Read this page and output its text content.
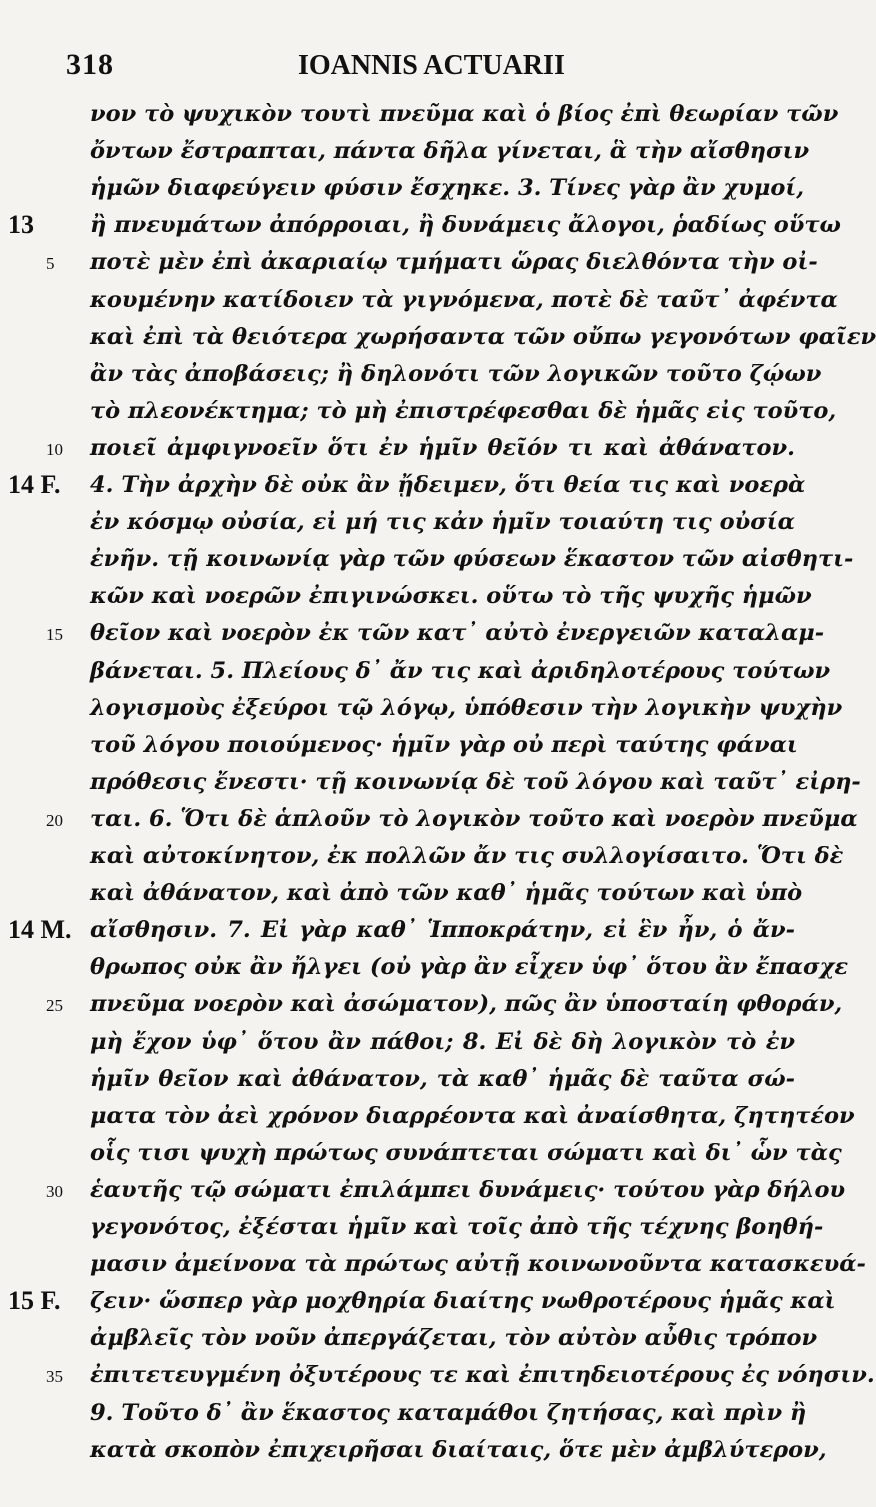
318	IOANNIS ACTUARII
νον τὸ ψυχικὸν τουτὶ πνεῦμα καὶ ὁ βίος ἐπὶ θεωρίαν τῶν
ὄντων ἔστραπται, πάντα δῆλα γίνεται, ἃ τὴν αἴσθησιν
ἡμῶν διαφεύγειν φύσιν ἔσχηκε. 3. Τίνες γὰρ ἂν χυμοί,
13 ἢ πνευμάτων ἀπόρροιαι, ἢ δυνάμεις ἄλογοι, ῥαδίως οὕτω
5 ποτὲ μὲν ἐπὶ ἀκαριαίῳ τμήματι ὥρας διελθόντα τὴν οἰ-
κουμένην κατίδοιεν τὰ γιγνόμενα, ποτὲ δὲ ταῦτ᾽ ἀφέντα
καὶ ἐπὶ τὰ θειότερα χωρήσαντα τῶν οὔπω γεγονότων φαῖεν
ἂν τὰς ἀποβάσεις; ἢ δηλονότι τῶν λογικῶν τοῦτο ζῴων
τὸ πλεονέκτημα; τὸ μὴ ἐπιστρέφεσθαι δὲ ἡμᾶς εἰς τοῦτο,
10 ποιεῖ ἀμφιγνοεῖν ὅτι ἐν ἡμῖν θεῖόν τι καὶ ἀθάνατον.
14 F. 4. Τὴν ἀρχὴν δὲ οὐκ ἂν ᾔδειμεν, ὅτι θεία τις καὶ νοερὰ
ἐν κόσμῳ οὐσία, εἰ μή τις κἀν ἡμῖν τοιαύτη τις οὐσία
ἐνῆν. τῇ κοινωνίᾳ γὰρ τῶν φύσεων ἕκαστον τῶν αἰσθητι-
κῶν καὶ νοερῶν ἐπιγινώσκει. οὕτω τὸ τῆς ψυχῆς ἡμῶν
15 θεῖον καὶ νοερὸν ἐκ τῶν κατ᾽ αὐτὸ ἐνεργειῶν καταλαμ-
βάνεται. 5. Πλείους δ᾽ ἄν τις καὶ ἀριδηλοτέρους τούτων
λογισμοὺς ἐξεύροι τῷ λόγῳ, ὑπόθεσιν τὴν λογικὴν ψυχὴν
τοῦ λόγου ποιούμενος· ἡμῖν γὰρ οὐ περὶ ταύτης φάναι
πρόθεσις ἔνεστι· τῇ κοινωνίᾳ δὲ τοῦ λόγου καὶ ταῦτ᾽ εἰρη-
20 ται. 6. Ὅτι δὲ ἁπλοῦν τὸ λογικὸν τοῦτο καὶ νοερὸν πνεῦμα
καὶ αὐτοκίνητον, ἐκ πολλῶν ἄν τις συλλογίσαιτο. Ὅτι δὲ
καὶ ἀθάνατον, καὶ ἀπὸ τῶν καθ᾽ ἡμᾶς τούτων καὶ ὑπὸ
14 M. αἴσθησιν. 7. Εἰ γὰρ καθ᾽ Ἱπποκράτην, εἰ ἓν ἦν, ὁ ἄν-
θρωπος οὐκ ἂν ἤλγει (οὐ γὰρ ἂν εἶχεν ὑφ᾽ ὅτου ἂν ἔπασχε
25 πνεῦμα νοερὸν καὶ ἀσώματον), πῶς ἂν ὑποσταίη φθοράν,
μὴ ἔχον ὑφ᾽ ὅτου ἂν πάθοι; 8. Εἰ δὲ δὴ λογικὸν τὸ ἐν
ἡμῖν θεῖον καὶ ἀθάνατον, τὰ καθ᾽ ἡμᾶς δὲ ταῦτα σώ-
ματα τὸν ἀεὶ χρόνον διαρρέοντα καὶ ἀναίσθητα, ζητητέον
οἷς τισι ψυχὴ πρώτως συνάπτεται σώματι καὶ δι᾽ ὧν τὰς
30 ἑαυτῆς τῷ σώματι ἐπιλάμπει δυνάμεις· τούτου γὰρ δήλου
γεγονότος, ἐξέσται ἡμῖν καὶ τοῖς ἀπὸ τῆς τέχνης βοηθή-
μασιν ἀμείνονα τὰ πρώτως αὐτῇ κοινωνοῦντα κατασκευά-
15 F. ζειν· ὥσπερ γὰρ μοχθηρία διαίτης νωθροτέρους ἡμᾶς καὶ
ἀμβλεῖς τὸν νοῦν ἀπεργάζεται, τὸν αὐτὸν αὖθις τρόπον
35 ἐπιτετευγμένη ὀξυτέρους τε καὶ ἐπιτηδειοτέρους ἐς νόησιν.
9. Τοῦτο δ᾽ ἂν ἕκαστος καταμάθοι ζητήσας, καὶ πρὶν ἢ
κατὰ σκοπὸν ἐπιχειρῆσαι διαίταις, ὅτε μὲν ἀμβλύτερον,
